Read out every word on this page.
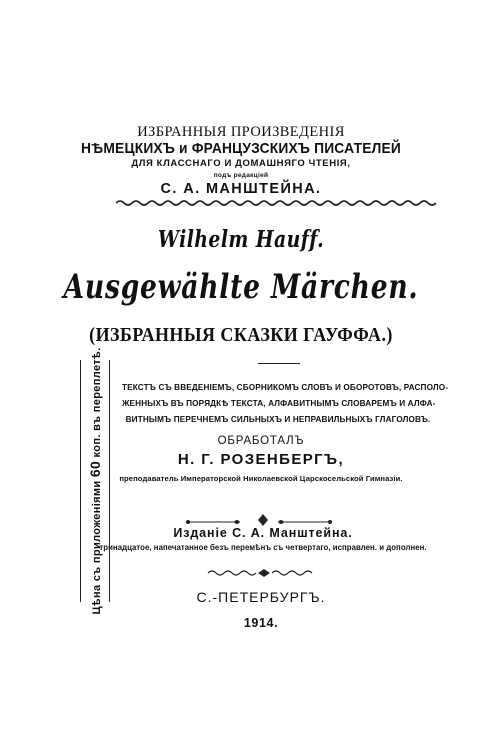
ИЗБРАННЫЯ ПРОИЗВЕДЕНІЯ
НѢМЕЦКИХЪ и ФРАНЦУЗСКИХЪ ПИСАТЕЛЕЙ
ДЛЯ КЛАССНАГО И ДОМАШНЯГО ЧТЕНІЯ,
подъ редакціей
С. А. МАНШТЕЙНА.
Wilhelm Hauff.
Ausgewählte Märchen.
(ИЗБРАННЫЯ СКАЗКИ ГАУФФА.)
ТЕКСТЪ СЪ ВВЕДЕНІЕМЪ, СБОРНИКОМЪ СЛОВЪ И ОБОРОТОВЪ, РАСПОЛО-
ЖЕННЫХЪ ВЪ ПОРЯДКѢ ТЕКСТА, АЛФАВИТНЫМЪ СЛОВАРЕМЪ И АЛФА-
ВИТНЫМЪ ПЕРЕЧНЕМЪ СИЛЬНЫХЪ И НЕПРАВИЛЬНЫХЪ ГЛАГОЛОВЪ.
ОБРАБОТАЛЪ
Н. Г. РОЗЕНБЕРГЪ,
преподаватель Императорской Николаевской Царскосельской Гимназіи.
Изданіе С. А. Манштейна.
тринадцатое, напечатанное безъ перемѣнъ съ четвертаго, исправлен. и дополнен.
С.-ПЕТЕРБУРГЪ.
1914.
Цѣна съ приложеніями 60 коп. въ переплетѣ.
